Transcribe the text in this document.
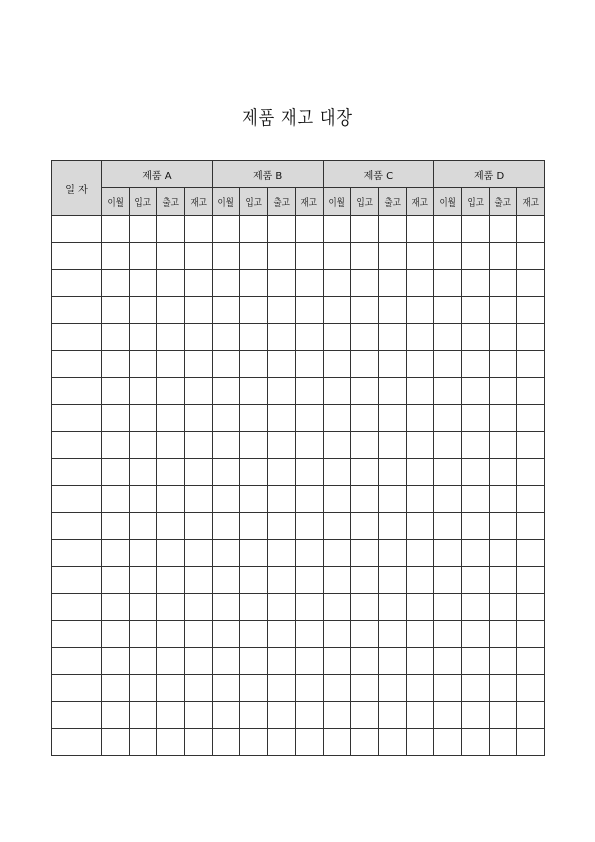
제품 재고 대장
일 자	제품 A				제품 B				제품 C				제품 D			
	이월	입고	출고	재고	이월	입고	출고	재고	이월	입고	출고	재고	이월	입고	출고	재고
